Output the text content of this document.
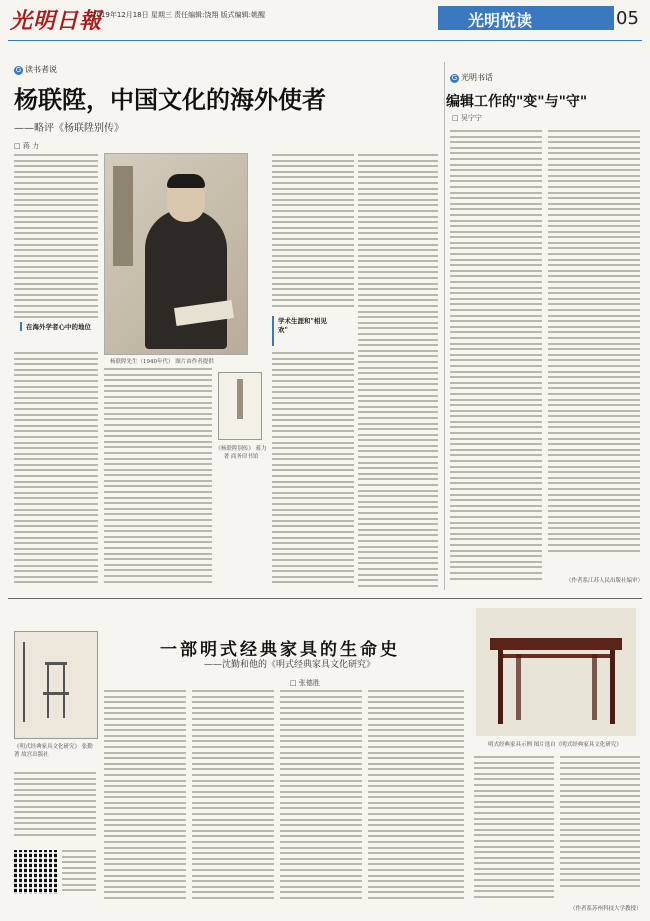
光明日報
2019年12月18日 星期三 责任编辑:饶翔 版式编辑:姚醒	光明悦读	05
G 读书者说
杨联陞，中国文化的海外使者
——略评《杨联陞别传》
□ 蒋 力
在海外学者心中的地位
杨联陞先生（1940年代） 图片由作者提供
《杨联陞别传》 蒋力 著 商务印书馆
学术生涯和"相见欢"
G 光明书话
编辑工作的"变"与"守"
□ 吴宁宁
（作者系江苏人民出版社编审）
一部明式经典家具的生命史
——沈勤和他的《明式经典家具文化研究》
□ 张德胜
《明式经典家具文化研究》 张勤 著 故宫出版社
明式经典家具示例 图片选自《明式经典家具文化研究》
（作者系苏州科技大学教授）
